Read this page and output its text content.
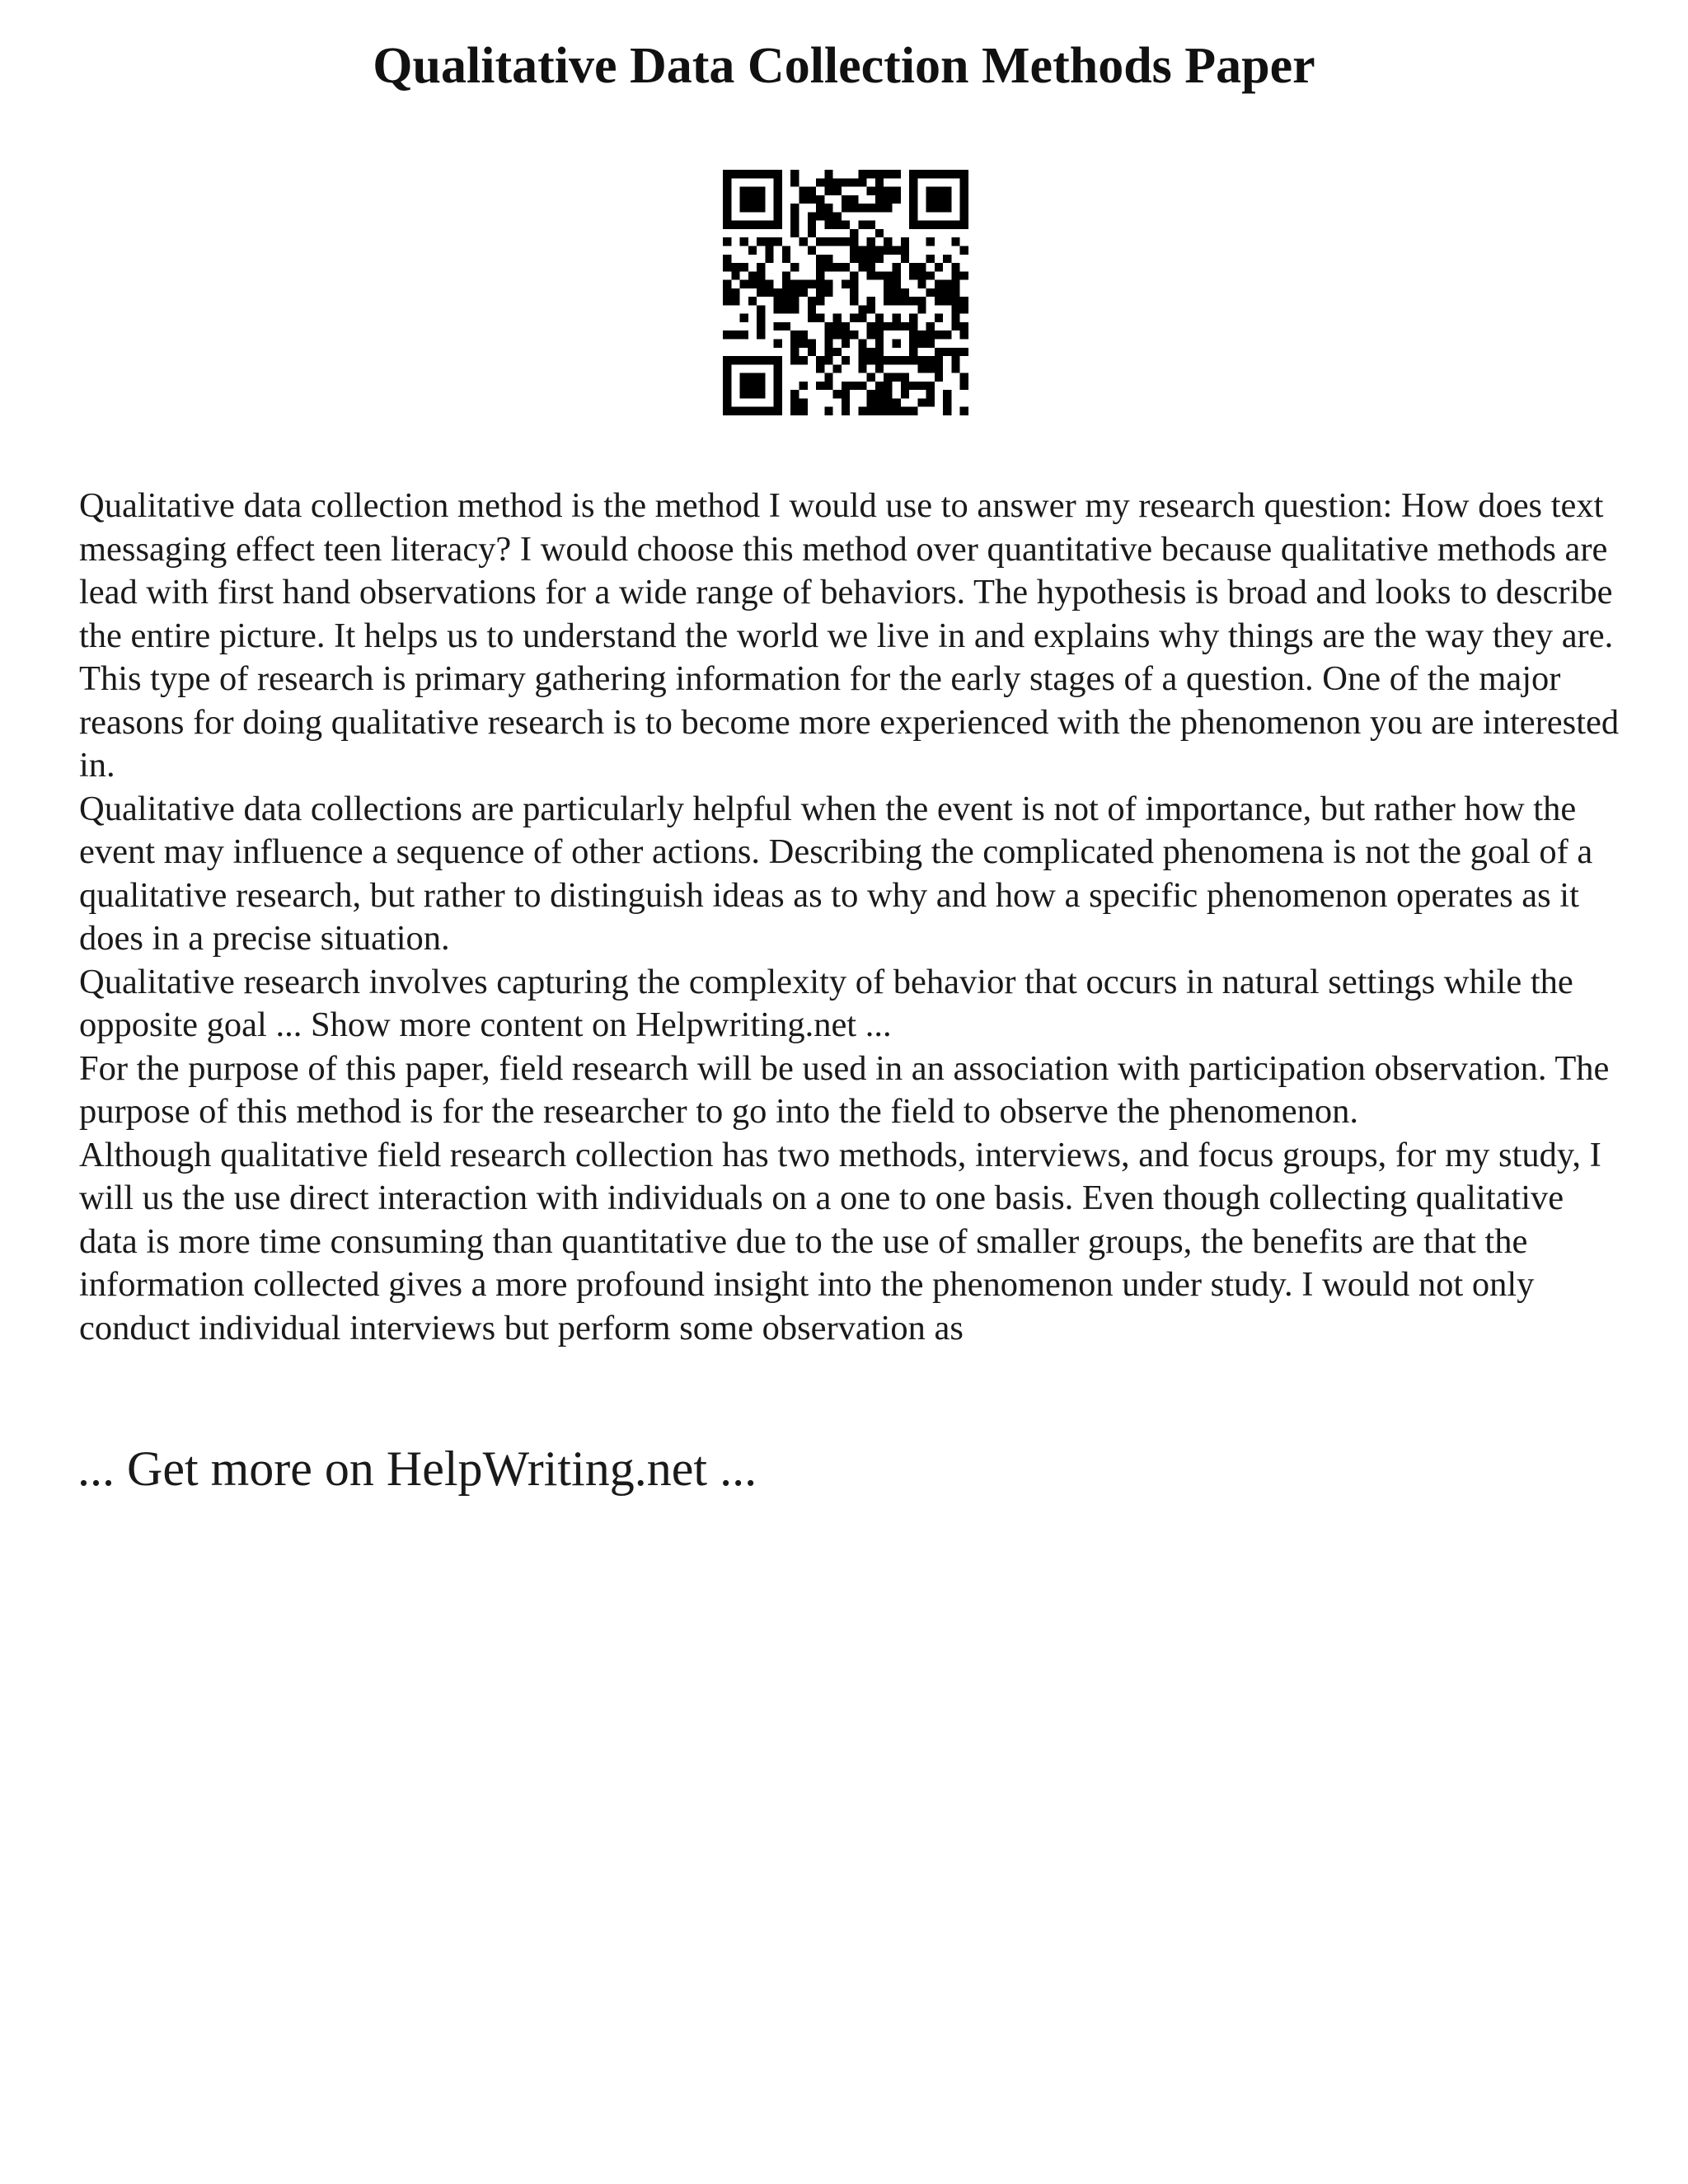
Qualitative Data Collection Methods Paper

Qualitative data collection method is the method I would use to answer my research question: How does text messaging effect teen literacy? I would choose this method over quantitative because qualitative methods are lead with first hand observations for a wide range of behaviors. The hypothesis is broad and looks to describe the entire picture. It helps us to understand the world we live in and explains why things are the way they are. This type of research is primary gathering information for the early stages of a question. One of the major reasons for doing qualitative research is to become more experienced with the phenomenon you are interested in.

Qualitative data collections are particularly helpful when the event is not of importance, but rather how the event may influence a sequence of other actions. Describing the complicated phenomena is not the goal of a qualitative research, but rather to distinguish ideas as to why and how a specific phenomenon operates as it does in a precise situation.

Qualitative research involves capturing the complexity of behavior that occurs in natural settings while the opposite goal ... Show more content on Helpwriting.net ...

For the purpose of this paper, field research will be used in an association with participation observation. The purpose of this method is for the researcher to go into the field to observe the phenomenon.

Although qualitative field research collection has two methods, interviews, and focus groups, for my study, I will us the use direct interaction with individuals on a one to one basis. Even though collecting qualitative data is more time consuming than quantitative due to the use of smaller groups, the benefits are that the information collected gives a more profound insight into the phenomenon under study. I would not only conduct individual interviews but perform some observation as

... Get more on HelpWriting.net ...
